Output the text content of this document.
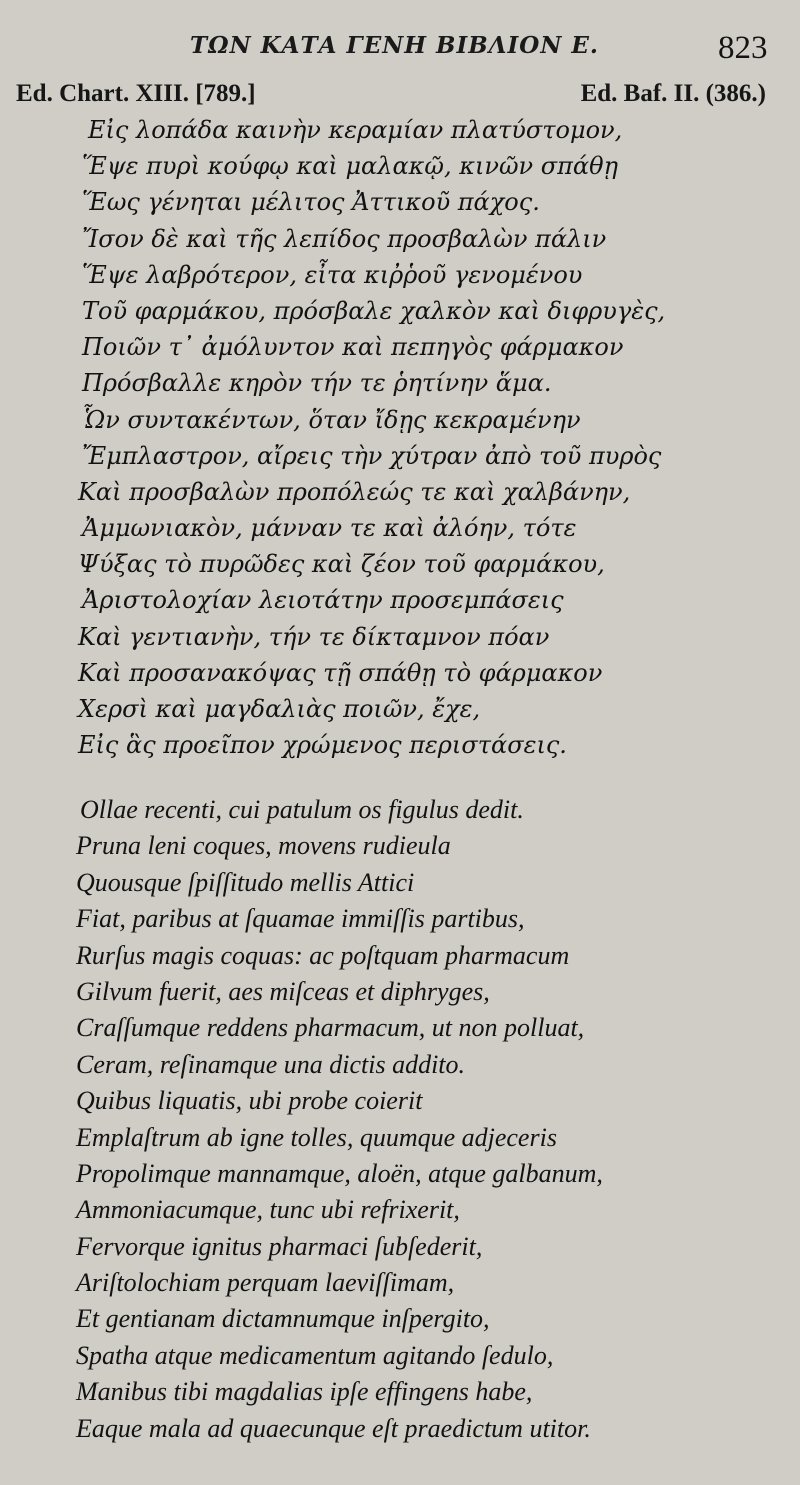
ΤΩΝ ΚΑΤΑ ΓΕΝΗ ΒΙΒΛΙΟΝ Ε.	823
Ed. Chart. XIII. [789.]	Ed. Baf. II. (386.)
Εἰς λοπάδα καινὴν κεραμίαν πλατύστομον,
Ἕψε πυρὶ κούφῳ καὶ μαλακῷ, κινῶν σπάθῃ
Ἕως γένηται μέλιτος Ἀττικοῦ πάχος.
Ἴσον δὲ καὶ τῆς λεπίδος προσβαλὼν πάλιν
Ἕψε λαβρότερον, εἶτα κιῤῥοῦ γενομένου
Τοῦ φαρμάκου, πρόσβαλε χαλκὸν καὶ διφρυγὲς,
Ποιῶν τ᾽ ἀμόλυντον καὶ πεπηγὸς φάρμακον
Πρόσβαλλε κηρὸν τήν τε ῥητίνην ἅμα.
Ὧν συντακέντων, ὅταν ἴδῃς κεκραμένην
Ἔμπλαστρον, αἴρεις τὴν χύτραν ἀπὸ τοῦ πυρὸς
Καὶ προσβαλὼν προπόλεώς τε καὶ χαλβάνην,
Ἀμμωνιακὸν, μάνναν τε καὶ ἀλόην, τότε
Ψύξας τὸ πυρῶδες καὶ ζέον τοῦ φαρμάκου,
Ἀριστολοχίαν λειοτάτην προσεμπάσεις
Καὶ γεντιανὴν, τήν τε δίκταμνον πόαν
Καὶ προσανακόψας τῇ σπάθῃ τὸ φάρμακον
Χερσὶ καὶ μαγδαλιὰς ποιῶν, ἔχε,
Εἰς ἃς προεῖπον χρώμενος περιστάσεις.
Ollae recenti, cui patulum os figulus dedit.
Pruna leni coques, movens rudieula
Quousque ſpiſſitudo mellis Attici
Fiat, paribus at ſquamae immiſſis partibus,
Rurſus magis coquas: ac poſtquam pharmacum
Gilvum fuerit, aes miſceas et diphryges,
Craſſumque reddens pharmacum, ut non polluat,
Ceram, reſinamque una dictis addito.
Quibus liquatis, ubi probe coierit
Emplaſtrum ab igne tolles, quumque adjeceris
Propolimque mannamque, aloën, atque galbanum,
Ammoniacumque, tunc ubi refrixerit,
Fervorque ignitus pharmaci ſubſederit,
Ariſtolochiam perquam laeviſſimam,
Et gentianam dictamnumque inſpergito,
Spatha atque medicamentum agitando ſedulo,
Manibus tibi magdalias ipſe effingens habe,
Eaque mala ad quaecunque eſt praedictum utitor.
